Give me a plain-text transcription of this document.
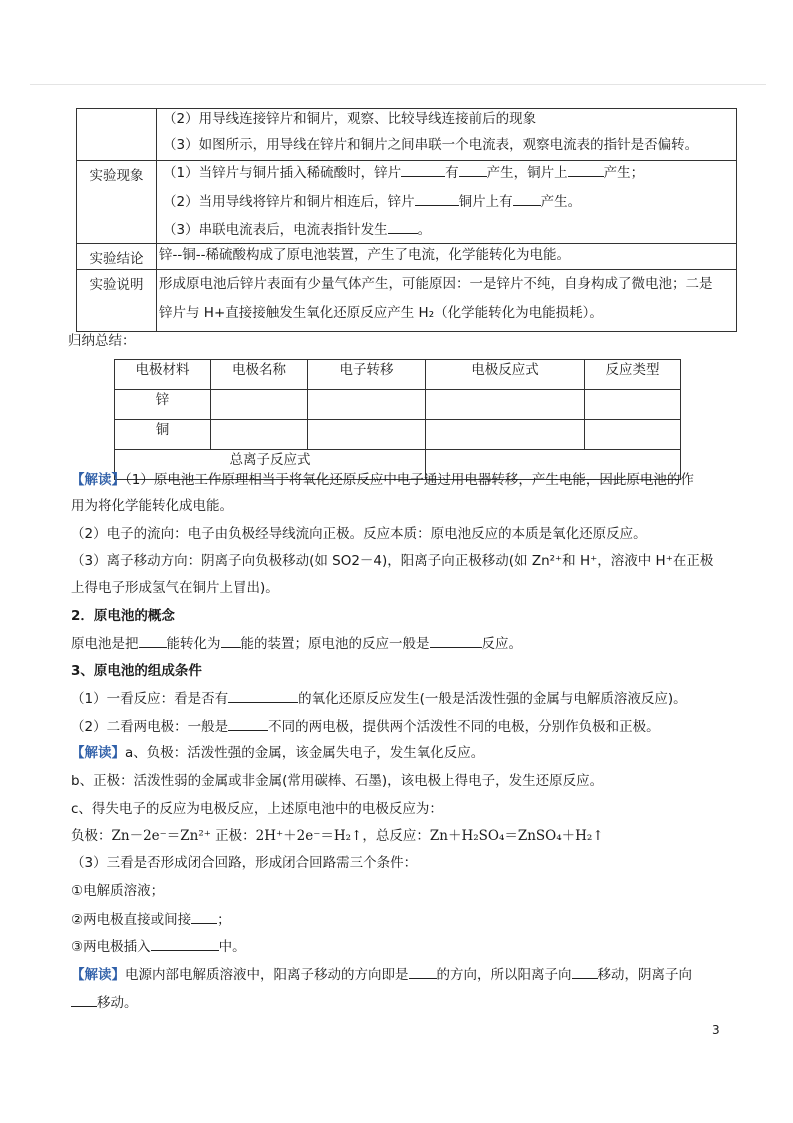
	（2）用导线连接锌片和铜片，观察、比较导线连接前后的现象
（3）如图所示，用导线在锌片和铜片之间串联一个电流表，观察电流表的指针是否偏转。

实验现象	（1）当锌片与铜片插入稀硫酸时，锌片 有 产生，铜片上 产生；
（2）当用导线将锌片和铜片相连后，锌片 铜片上有 产生。
（3）串联电流表后，电流表指针发生 。

实验结论	锌--铜--稀硫酸构成了原电池装置，产生了电流，化学能转化为电能。

实验说明	形成原电池后锌片表面有少量气体产生，可能原因：一是锌片不纯，自身构成了微电池；二是
锌片与 H+直接接触发生氧化还原反应产生 H₂（化学能转化为电能损耗）。
归纳总结：
电极材料	电极名称	电子转移	电极反应式	反应类型
锌				
铜				
总离子反应式				
【解读】（1）原电池工作原理相当于将氧化还原反应中电子通过用电器转移，产生电能，因此原电池的作
用为将化学能转化成电能。
（2）电子的流向：电子由负极经导线流向正极。反应本质：原电池反应的本质是氧化还原反应。
（3）离子移动方向：阴离子向负极移动(如 SO2－4)，阳离子向正极移动(如 Zn²⁺和 H⁺，溶液中 H⁺在正极
上得电子形成氢气在铜片上冒出)。
2．原电池的概念
原电池是把 能转化为 能的装置；原电池的反应一般是	反应。
3、原电池的组成条件
（1）一看反应：看是否有	的氧化还原反应发生(一般是活泼性强的金属与电解质溶液反应)。
（2）二看两电极：一般是	不同的两电极，提供两个活泼性不同的电极，分别作负极和正极。
【解读】a、负极：活泼性强的金属，该金属失电子，发生氧化反应。
b、正极：活泼性弱的金属或非金属(常用碳棒、石墨)，该电极上得电子，发生还原反应。
c、得失电子的反应为电极反应，上述原电池中的电极反应为：
负极：Zn－2e⁻＝Zn²⁺ 正极：2H⁺＋2e⁻＝H₂↑，总反应：Zn＋H₂SO₄＝ZnSO₄＋H₂↑
（3）三看是否形成闭合回路，形成闭合回路需三个条件：
①电解质溶液；
②两电极直接或间接 ；
③两电极插入	中。
【解读】电源内部电解质溶液中，阳离子移动的方向即是 的方向，所以阳离子向 移动，阴离子向
移动。
3
